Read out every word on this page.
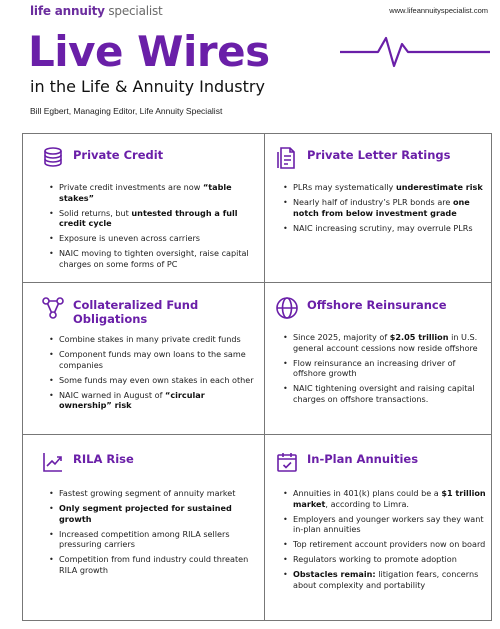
life annuity specialist	www.lifeannuityspecialist.com
Live Wires
in the Life & Annuity Industry
Bill Egbert, Managing Editor, Life Annuity Specialist
Private Credit
• Private credit investments are now “table stakes”
• Solid returns, but untested through a full credit cycle
• Exposure is uneven across carriers
• NAIC moving to tighten oversight, raise capital charges on some forms of PC
Private Letter Ratings
• PLRs may systematically underestimate risk
• Nearly half of industry’s PLR bonds are one notch from below investment grade
• NAIC increasing scrutiny, may overrule PLRs
Collateralized Fund Obligations
• Combine stakes in many private credit funds
• Component funds may own loans to the same companies
• Some funds may even own stakes in each other
• NAIC warned in August of “circular ownership” risk
Offshore Reinsurance
• Since 2025, majority of $2.05 trillion in U.S. general account cessions now reside offshore
• Flow reinsurance an increasing driver of offshore growth
• NAIC tightening oversight and raising capital charges on offshore transactions.
RILA Rise
• Fastest growing segment of annuity market
• Only segment projected for sustained growth
• Increased competition among RILA sellers pressuring carriers
• Competition from fund industry could threaten RILA growth
In-Plan Annuities
• Annuities in 401(k) plans could be a $1 trillion market, according to Limra.
• Employers and younger workers say they want in-plan annuities
• Top retirement account providers now on board
• Regulators working to promote adoption
• Obstacles remain: litigation fears, concerns about complexity and portability
